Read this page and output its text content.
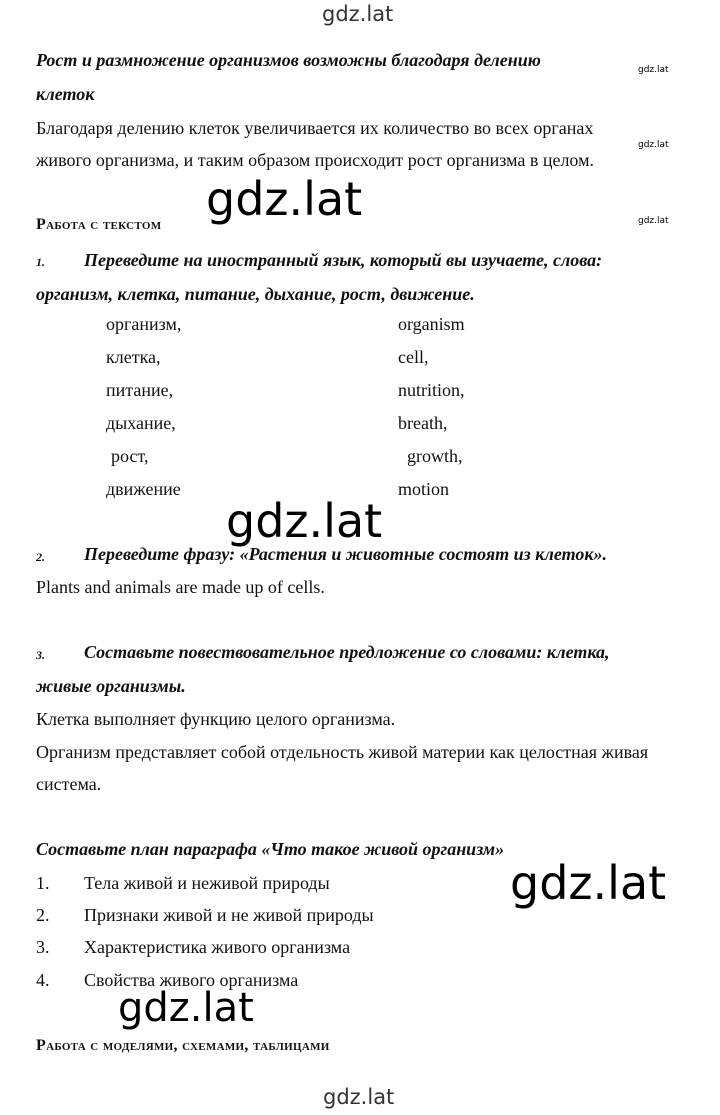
gdz.lat
Рост и размножение организмов возможны благодаря делению	gdz.lat
клеток
Благодаря делению клеток увеличивается их количество во всех органах
gdz.lat
живого организма, и таким образом происходит рост организма в целом.
Работа с текстом gdz.lat	gdz.lat
1. Переведите на иностранный язык, который вы изучаете, слова:
организм, клетка, питание, дыхание, рост, движение.
организм,	organism
клетка,	cell,
питание,	nutrition,
дыхание,	breath,
рост,	growth,
движение	motion
gdz.lat
2. Переведите фразу: «Растения и животные состоят из клеток».
Plants and animals are made up of cells.
3. Составьте повествовательное предложение со словами: клетка,
живые организмы.
Клетка выполняет функцию целого организма.
Организм представляет собой отдельность живой материи как целостная живая
система.
Составьте план параграфа «Что такое живой организм»
1. Тела живой и неживой природы	gdz.lat
2. Признаки живой и не живой природы
3. Характеристика живого организма
4. Свойства живого организма
gdz.lat
Работа с моделями, схемами, таблицами
gdz.lat
